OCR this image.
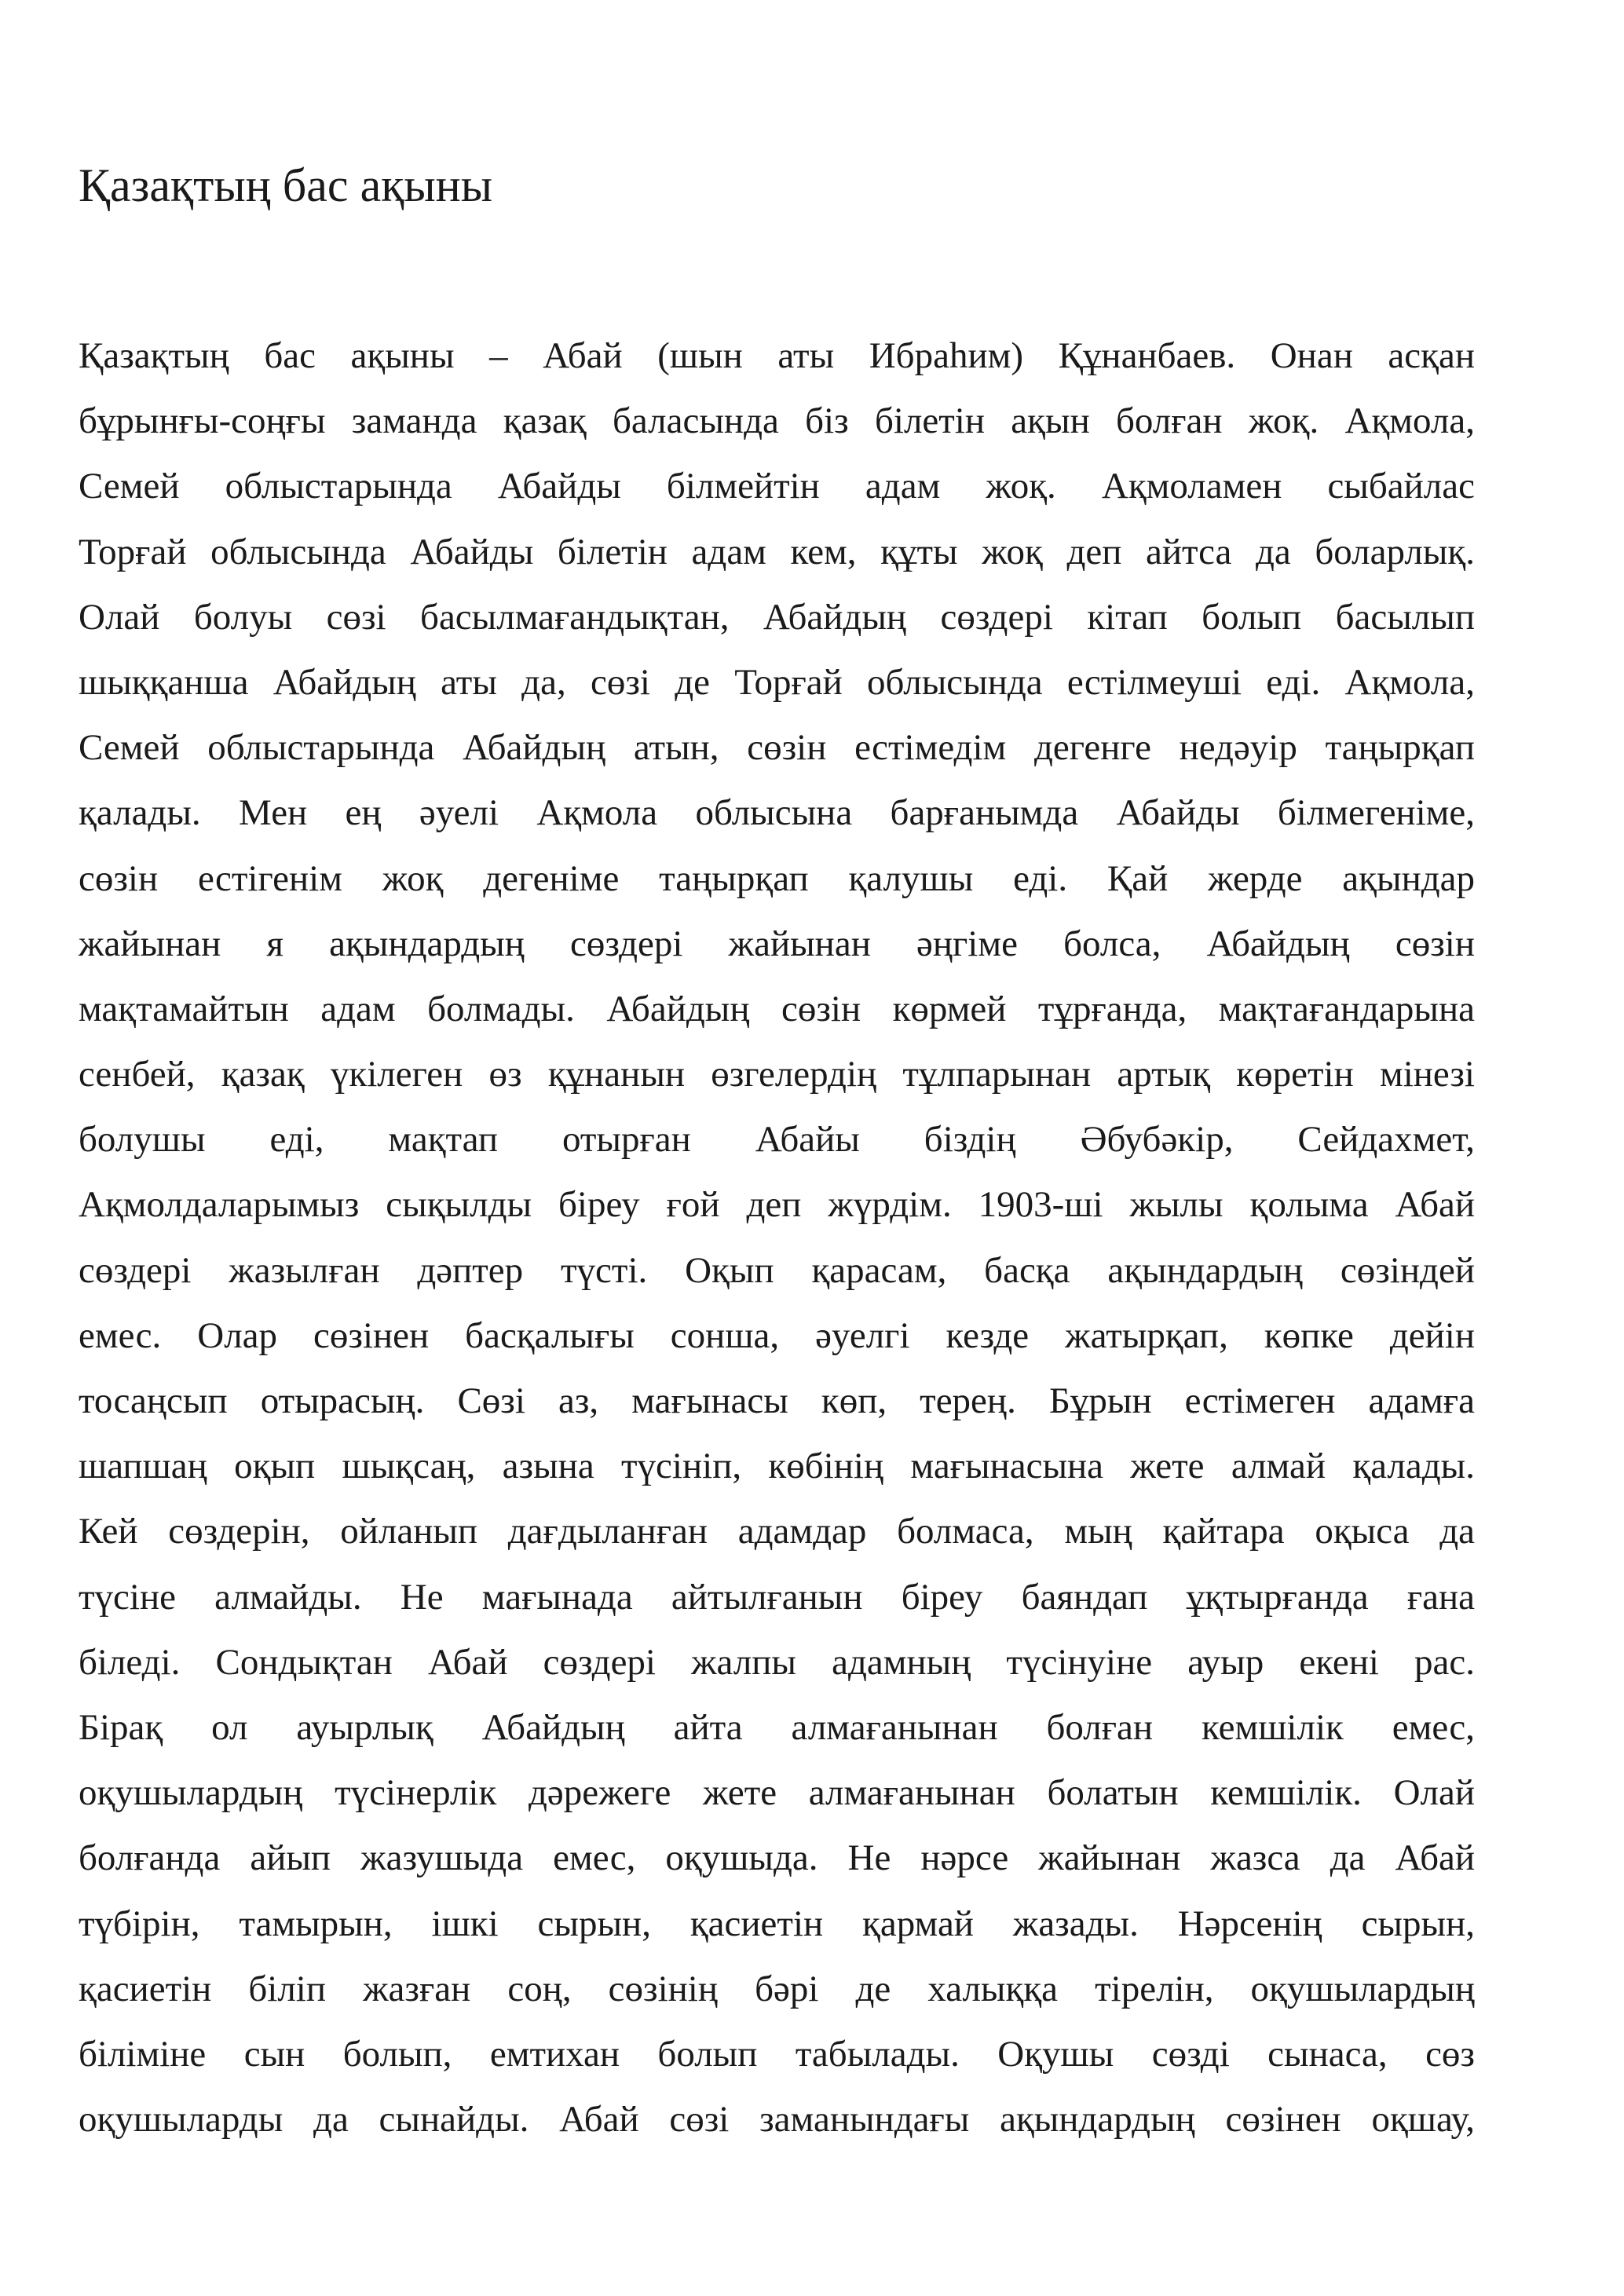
Қазақтың бас ақыны
Қазақтың бас ақыны – Абай (шын аты Ибраһим) Құнанбаев. Онан асқан
бұрынғы-соңғы заманда қазақ баласында біз білетін ақын болған жоқ. Ақмола,
Семей облыстарында Абайды білмейтін адам жоқ. Ақмоламен сыбайлас
Торғай облысында Абайды білетін адам кем, құты жоқ деп айтса да боларлық.
Олай болуы сөзі басылмағандықтан, Абайдың сөздері кітап болып басылып
шыққанша Абайдың аты да, сөзі де Торғай облысында естілмеуші еді. Ақмола,
Семей облыстарында Абайдың атын, сөзін естімедім дегенге недәуір таңырқап
қалады. Мен ең әуелі Ақмола облысына барғанымда Абайды білмегеніме,
сөзін естігенім жоқ дегеніме таңырқап қалушы еді. Қай жерде ақындар
жайынан я ақындардың сөздері жайынан әңгіме болса, Абайдың сөзін
мақтамайтын адам болмады. Абайдың сөзін көрмей тұрғанда, мақтағандарына
сенбей, қазақ үкілеген өз құнанын өзгелердің тұлпарынан артық көретін мінезі
болушы еді, мақтап отырған Абайы біздің Әбубәкір, Сейдахмет,
Ақмолдаларымыз сықылды біреу ғой деп жүрдім. 1903-ші жылы қолыма Абай
сөздері жазылған дәптер түсті. Оқып қарасам, басқа ақындардың сөзіндей
емес. Олар сөзінен басқалығы сонша, әуелгі кезде жатырқап, көпке дейін
тосаңсып отырасың. Сөзі аз, мағынасы көп, терең. Бұрын естімеген адамға
шапшаң оқып шықсаң, азына түсініп, көбінің мағынасына жете алмай қалады.
Кей сөздерін, ойланып дағдыланған адамдар болмаса, мың қайтара оқыса да
түсіне алмайды. Не мағынада айтылғанын біреу баяндап ұқтырғанда ғана
біледі. Сондықтан Абай сөздері жалпы адамның түсінуіне ауыр екені рас.
Бірақ ол ауырлық Абайдың айта алмағанынан болған кемшілік емес,
оқушылардың түсінерлік дәрежеге жете алмағанынан болатын кемшілік. Олай
болғанда айып жазушыда емес, оқушыда. Не нәрсе жайынан жазса да Абай
түбірін, тамырын, ішкі сырын, қасиетін қармай жазады. Нәрсенің сырын,
қасиетін біліп жазған соң, сөзінің бәрі де халыққа тірелін, оқушылардың
біліміне сын болып, емтихан болып табылады. Оқушы сөзді сынаса, сөз
оқушыларды да сынайды. Абай сөзі заманындағы ақындардың сөзінен оқшау,
